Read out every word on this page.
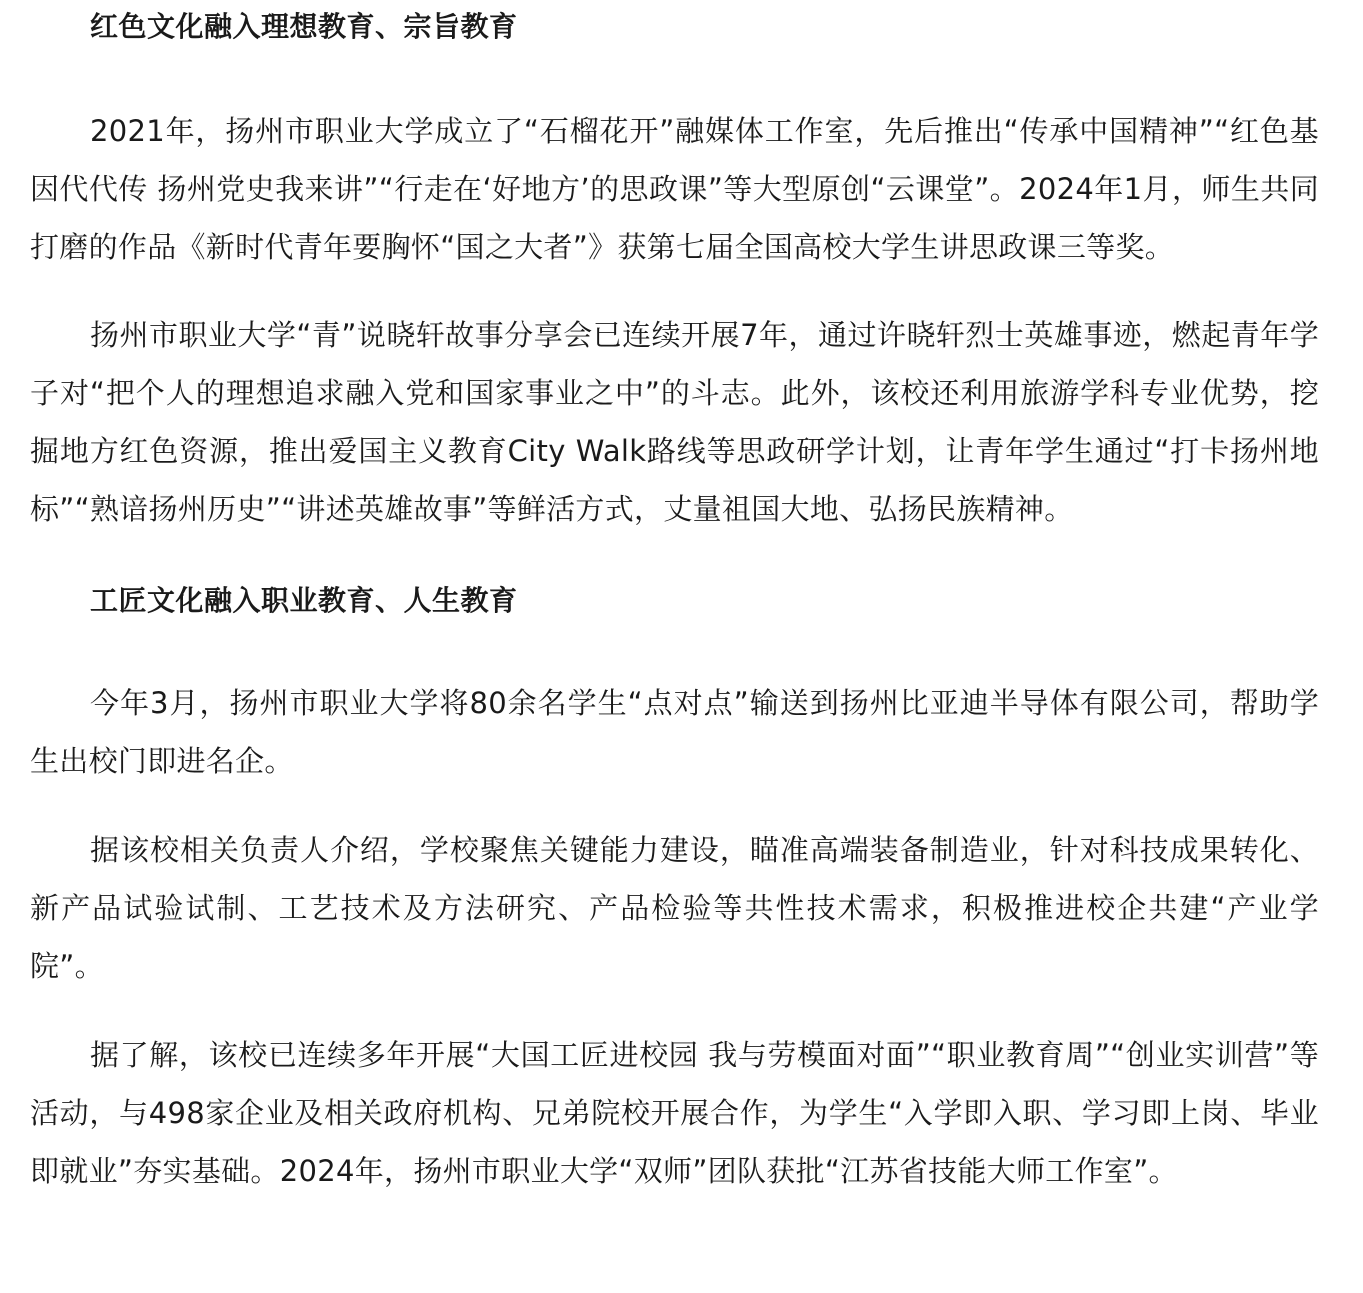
红色文化融入理想教育、宗旨教育

2021年，扬州市职业大学成立了“石榴花开”融媒体工作室，先后推出“传承中国精神”“红色基因代代传 扬州党史我来讲”“行走在‘好地方’的思政课”等大型原创“云课堂”。2024年1月，师生共同打磨的作品《新时代青年要胸怀“国之大者”》获第七届全国高校大学生讲思政课三等奖。

扬州市职业大学“青”说晓轩故事分享会已连续开展7年，通过许晓轩烈士英雄事迹，燃起青年学子对“把个人的理想追求融入党和国家事业之中”的斗志。此外，该校还利用旅游学科专业优势，挖掘地方红色资源，推出爱国主义教育City Walk路线等思政研学计划，让青年学生通过“打卡扬州地标”“熟谙扬州历史”“讲述英雄故事”等鲜活方式，丈量祖国大地、弘扬民族精神。

工匠文化融入职业教育、人生教育

今年3月，扬州市职业大学将80余名学生“点对点”输送到扬州比亚迪半导体有限公司，帮助学生出校门即进名企。

据该校相关负责人介绍，学校聚焦关键能力建设，瞄准高端装备制造业，针对科技成果转化、新产品试验试制、工艺技术及方法研究、产品检验等共性技术需求，积极推进校企共建“产业学院”。

据了解，该校已连续多年开展“大国工匠进校园 我与劳模面对面”“职业教育周”“创业实训营”等活动，与498家企业及相关政府机构、兄弟院校开展合作，为学生“入学即入职、学习即上岗、毕业即就业”夯实基础。2024年，扬州市职业大学“双师”团队获批“江苏省技能大师工作室”。
